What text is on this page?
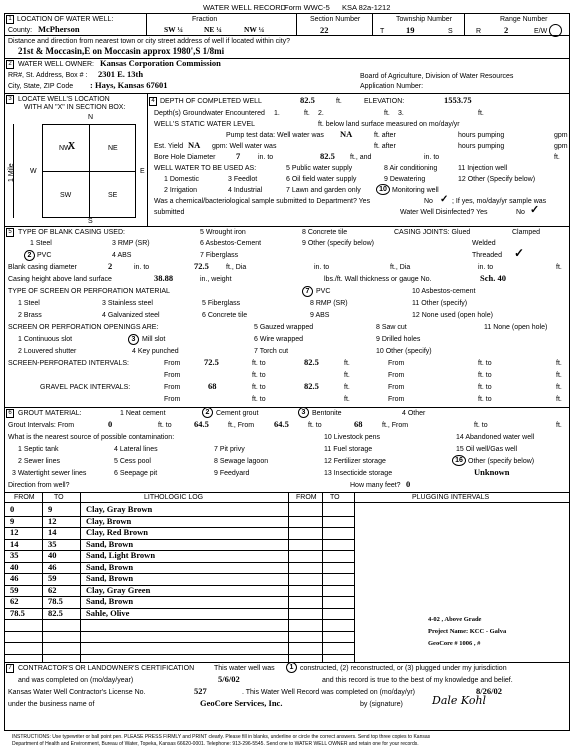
WATER WELL RECORD
Form WWC-5 KSA 82a-1212
1 LOCATION OF WATER WELL:
County: McPherson
Fraction
SW ¼	NE ¼	NW ¼
Section Number
22
Township Number
T	19	S
Range Number
R	2	E/W
Distance and direction from nearest town or city street address of well if located within city?
21st & Moccasin,E on Moccasin approx 1980',S 1/8mi
2 WATER WELL OWNER: Kansas Corporation Commission
RR#, St. Address, Box # : 2301 E. 13th
City, State, ZIP Code : Hays, Kansas 67601
Board of Agriculture, Division of Water Resources
Application Number:
3 LOCATE WELL'S LOCATION
WITH AN "X" IN SECTION BOX:
N
S
W	E
NW
X	NE
SW	SE
1 Mile
4 DEPTH OF COMPLETED WELL	82.5	ft.	ELEVATION:	1553.75
Depth(s) Groundwater Encountered 1.	ft. 2.	ft. 3.	ft.
WELL'S STATIC WATER LEVEL	ft. below land surface measured on mo/day/yr
Pump test data: Well water was NA	ft. after	hours pumping	gpm
Est. Yield NA gpm: Well water was	ft. after	hours pumping	gpm
Bore Hole Diameter 7	in. to	82.5 ft., and	in. to	ft.
WELL WATER TO BE USED AS:	5 Public water supply	8 Air conditioning	11 Injection well
1 Domestic	3 Feedlot	6 Oil field water supply	9 Dewatering	12 Other (Specify below)
2 Irrigation	4 Industrial	7 Lawn and garden only	10 Monitoring well
Was a chemical/bacteriological sample submitted to Department? Yes	No ✓ ; If yes, mo/day/yr sample was
submitted	Water Well Disinfected? Yes	No ✓
5 TYPE OF BLANK CASING USED:	5 Wrought iron	8 Concrete tile	CASING JOINTS: Glued	Clamped
1 Steel	3 RMP (SR)	6 Asbestos-Cement	9 Other (specify below)	Welded
2 PVC	4 ABS	7 Fiberglass	Threaded ✓
Blank casing diameter	2	in. to	72.5 ft., Dia	in. to	ft., Dia	in. to	ft.
Casing height above land surface	38.88	in., weight	lbs./ft. Wall thickness or gauge No.	Sch. 40
TYPE OF SCREEN OR PERFORATION MATERIAL	7 PVC	10 Asbestos-cement
1 Steel	3 Stainless steel	5 Fiberglass	8 RMP (SR)	11 Other (specify)
2 Brass	4 Galvanized steel	6 Concrete tile	9 ABS	12 None used (open hole)
SCREEN OR PERFORATION OPENINGS ARE:	5 Gauzed wrapped	8 Saw cut	11 None (open hole)
1 Continuous slot	3 Mill slot	6 Wire wrapped	9 Drilled holes
2 Louvered shutter	4 Key punched	7 Torch cut	10 Other (specify)
SCREEN-PERFORATED INTERVALS:	From	72.5	ft. to	82.5	ft.	From	ft. to	ft.
From	ft. to	ft.	From	ft. to	ft.
GRAVEL PACK INTERVALS:	From	68	ft. to	82.5	ft.	From	ft. to	ft.
From	ft. to	ft.	From	ft. to	ft.
6 GROUT MATERIAL:	1 Neat cement	2 Cement grout	3 Bentonite	4 Other
Grout Intervals: From	0	ft. to	64.5	ft., From 64.5	ft. to	68	ft., From	ft. to	ft.
What is the nearest source of possible contamination:	10 Livestock pens	14 Abandoned water well
1 Septic tank	4 Lateral lines	7 Pit privy	11 Fuel storage	15 Oil well/Gas well
2 Sewer lines	5 Cess pool	8 Sewage lagoon	12 Fertilizer storage	16 Other (specify below)
3 Watertight sewer lines	6 Seepage pit	9 Feedyard	13 Insecticide storage	Unknown
Direction from well?	How many feet? 0
FROM	TO	LITHOLOGIC LOG	FROM TO	PLUGGING INTERVALS
0	9	Clay, Gray Brown
9	12	Clay, Brown
12	14	Clay, Red Brown
14	35	Sand, Brown
35	40	Sand, Light Brown
40	46	Sand, Brown
46	59	Sand, Brown
59	62	Clay, Gray Green
62	78.5	Sand, Brown
78.5	82.5	Sahle, Olive
4-02 , Above Grade
Project Name: KCC - Galva
GeoCore # 1006 , #
7 CONTRACTOR'S OR LANDOWNER'S CERTIFICATION	This water well was	1 constructed, (2) reconstructed, or (3) plugged under my jurisdiction
and was completed on (mo/day/year)	5/6/02	and this record is true to the best of my knowledge and belief.
Kansas Water Well Contractor's License No.	527	. This Water Well Record was completed on (mo/day/yr)	8/26/02
under the business name of	GeoCore Services, Inc.	by (signature)	Dale Kohl
INSTRUCTIONS: Use typewriter or ball point pen. PLEASE PRESS FIRMLY and PRINT clearly. Please fill in blanks, underline or circle the correct answers. Send top three copies to Kansas
Department of Health and Environment, Bureau of Water, Topeka, Kansas 66620-0001. Telephone: 913-296-5545. Send one to WATER WELL OWNER and retain one for your records.
